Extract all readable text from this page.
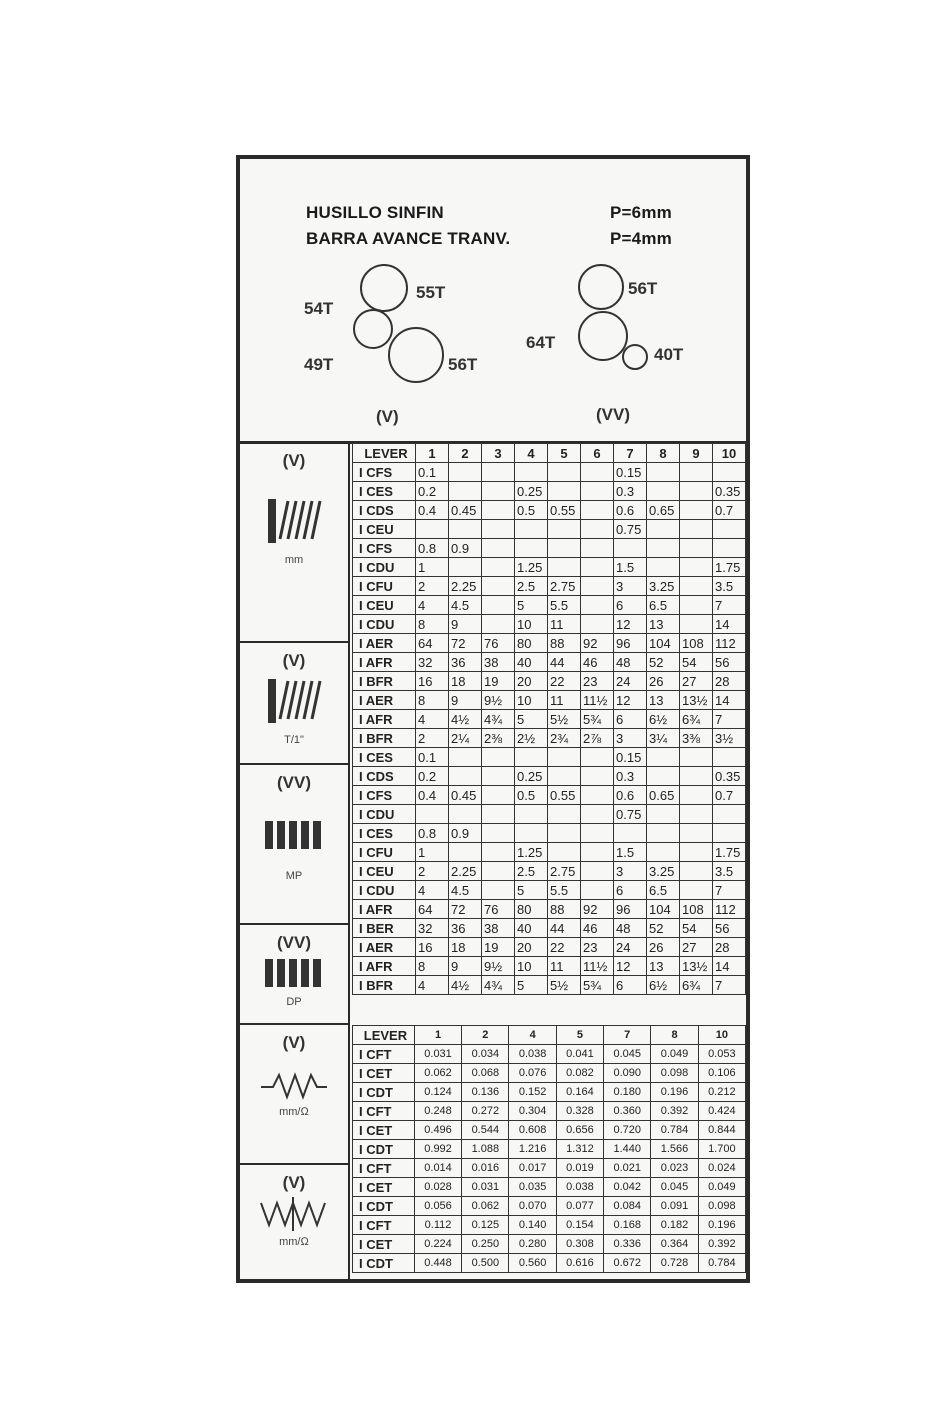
HUSILLO SINFIN	P=6mm
BARRA AVANCE TRANV.	P=4mm
54T
55T
49T	56T
(V)
56T
64T
40T
(VV)
(V)
mm
(V)
T/1"
(VV)
MP
(VV)
DP
(V)
mm/Ω
(V)
mm/Ω
LEVER	1	2	3	4	5	6	7	8	9	10
I CFS	0.1						0.15			
I CES	0.2			0.25			0.3			0.35
I CDS	0.4	0.45		0.5	0.55		0.6	0.65		0.7
I CEU							0.75			
I CFS	0.8	0.9								
I CDU	1			1.25			1.5			1.75
I CFU	2	2.25		2.5	2.75		3	3.25		3.5
I CEU	4	4.5		5	5.5		6	6.5		7
I CDU	8	9		10	11		12	13		14
I AER	64	72	76	80	88	92	96	104	108	112
I AFR	32	36	38	40	44	46	48	52	54	56
I BFR	16	18	19	20	22	23	24	26	27	28
I AER	8	9	9½	10	11	11½	12	13	13½	14
I AFR	4	4½	4¾	5	5½	5¾	6	6½	6¾	7
I BFR	2	2¼	2⅜	2½	2¾	2⅞	3	3¼	3⅜	3½
I CES	0.1						0.15			
I CDS	0.2			0.25			0.3			0.35
I CFS	0.4	0.45		0.5	0.55		0.6	0.65		0.7
I CDU							0.75			
I CES	0.8	0.9								
I CFU	1			1.25			1.5			1.75
I CEU	2	2.25		2.5	2.75		3	3.25		3.5
I CDU	4	4.5		5	5.5		6	6.5		7
I AFR	64	72	76	80	88	92	96	104	108	112
I BER	32	36	38	40	44	46	48	52	54	56
I AER	16	18	19	20	22	23	24	26	27	28
I AFR	8	9	9½	10	11	11½	12	13	13½	14
I BFR	4	4½	4¾	5	5½	5¾	6	6½	6¾	7
LEVER	1	2	4	5	7	8	10
I CFT	0.031	0.034	0.038	0.041	0.045	0.049	0.053
I CET	0.062	0.068	0.076	0.082	0.090	0.098	0.106
I CDT	0.124	0.136	0.152	0.164	0.180	0.196	0.212
I CFT	0.248	0.272	0.304	0.328	0.360	0.392	0.424
I CET	0.496	0.544	0.608	0.656	0.720	0.784	0.844
I CDT	0.992	1.088	1.216	1.312	1.440	1.566	1.700
I CFT	0.014	0.016	0.017	0.019	0.021	0.023	0.024
I CET	0.028	0.031	0.035	0.038	0.042	0.045	0.049
I CDT	0.056	0.062	0.070	0.077	0.084	0.091	0.098
I CFT	0.112	0.125	0.140	0.154	0.168	0.182	0.196
I CET	0.224	0.250	0.280	0.308	0.336	0.364	0.392
I CDT	0.448	0.500	0.560	0.616	0.672	0.728	0.784
